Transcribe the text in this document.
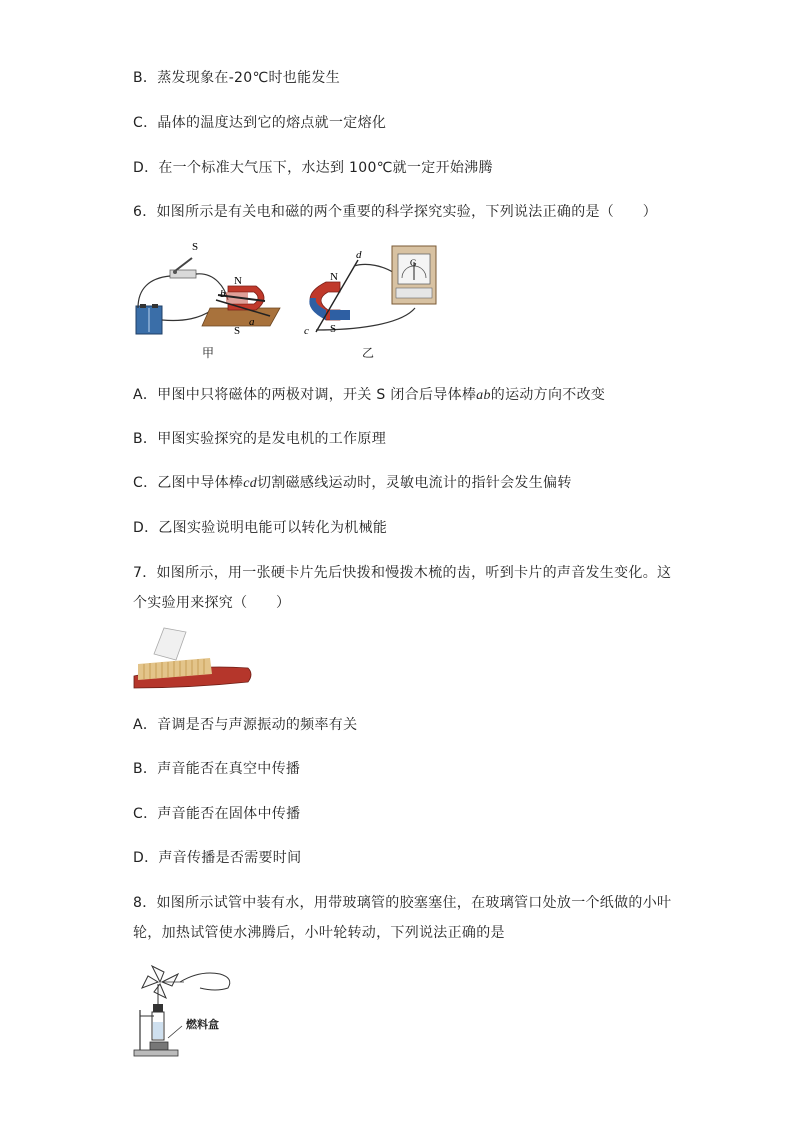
B．蒸发现象在-20℃时也能发生
C．晶体的温度达到它的熔点就一定熔化
D．在一个标准大气压下，水达到 100℃就一定开始沸腾
6．如图所示是有关电和磁的两个重要的科学探究实验，下列说法正确的是（　　）
S
N
S
b
a
N
S
c
d
G
甲	乙
A．甲图中只将磁体的两极对调，开关 S 闭合后导体棒ab的运动方向不改变
B．甲图实验探究的是发电机的工作原理
C．乙图中导体棒cd切割磁感线运动时，灵敏电流计的指针会发生偏转
D．乙图实验说明电能可以转化为机械能
7．如图所示，用一张硬卡片先后快拨和慢拨木梳的齿，听到卡片的声音发生变化。这
个实验用来探究（　　）
A．音调是否与声源振动的频率有关
B．声音能否在真空中传播
C．声音能否在固体中传播
D．声音传播是否需要时间
8．如图所示试管中装有水，用带玻璃管的胶塞塞住，在玻璃管口处放一个纸做的小叶
轮，加热试管使水沸腾后，小叶轮转动，下列说法正确的是
燃料盒
